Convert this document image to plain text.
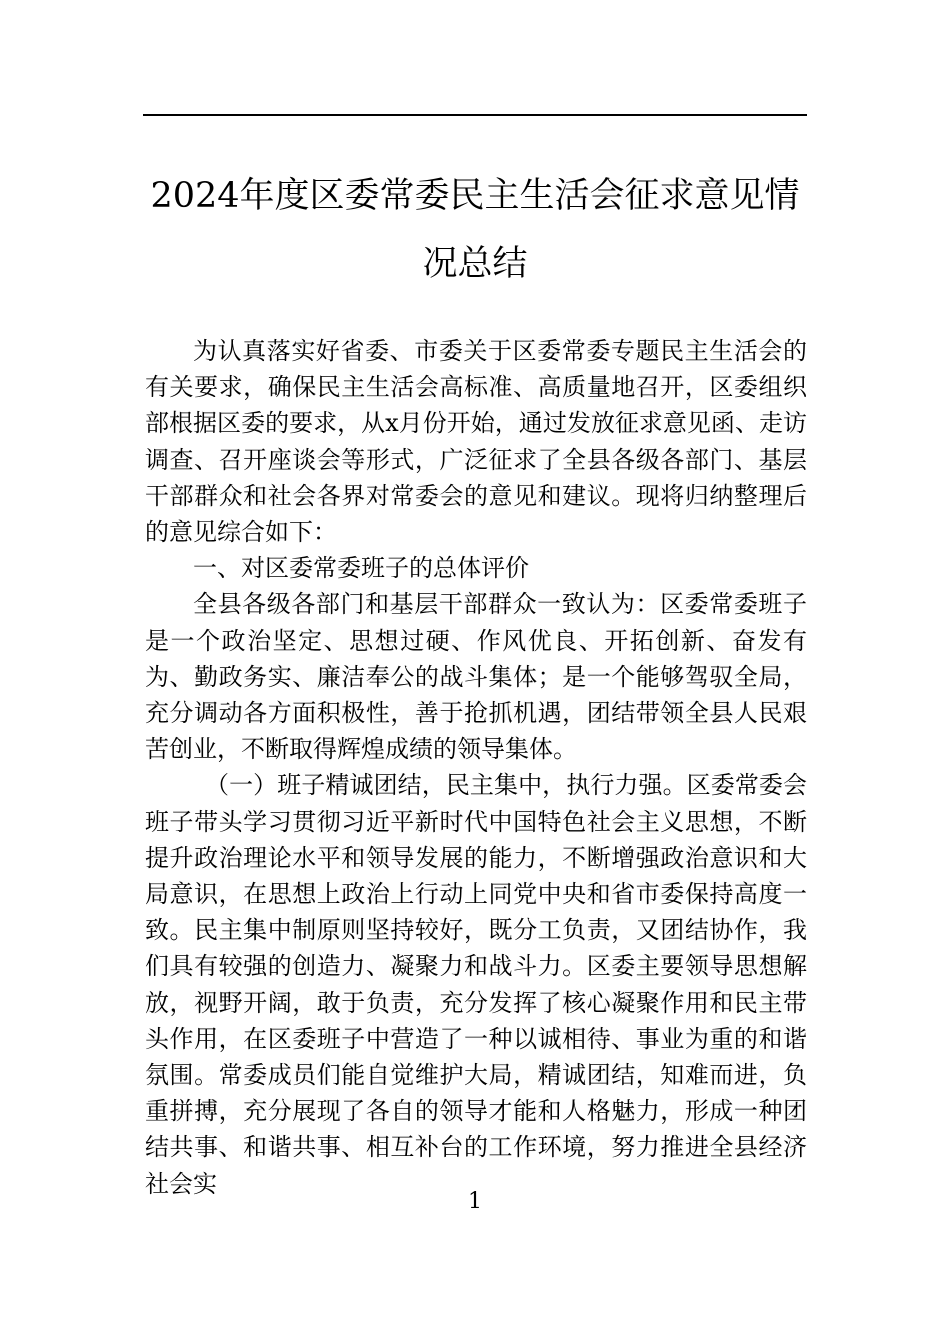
2024年度区委常委民主生活会征求意见情况总结

为认真落实好省委、市委关于区委常委专题民主生活会的有关要求，确保民主生活会高标准、高质量地召开，区委组织部根据区委的要求，从x月份开始，通过发放征求意见函、走访调查、召开座谈会等形式，广泛征求了全县各级各部门、基层干部群众和社会各界对常委会的意见和建议。现将归纳整理后的意见综合如下：

一、对区委常委班子的总体评价

全县各级各部门和基层干部群众一致认为：区委常委班子是一个政治坚定、思想过硬、作风优良、开拓创新、奋发有为、勤政务实、廉洁奉公的战斗集体；是一个能够驾驭全局，充分调动各方面积极性，善于抢抓机遇，团结带领全县人民艰苦创业，不断取得辉煌成绩的领导集体。

（一）班子精诚团结，民主集中，执行力强。区委常委会班子带头学习贯彻习近平新时代中国特色社会主义思想，不断提升政治理论水平和领导发展的能力，不断增强政治意识和大局意识，在思想上政治上行动上同党中央和省市委保持高度一致。民主集中制原则坚持较好，既分工负责，又团结协作，我们具有较强的创造力、凝聚力和战斗力。区委主要领导思想解放，视野开阔，敢于负责，充分发挥了核心凝聚作用和民主带头作用，在区委班子中营造了一种以诚相待、事业为重的和谐氛围。常委成员们能自觉维护大局，精诚团结，知难而进，负重拼搏，充分展现了各自的领导才能和人格魅力，形成一种团结共事、和谐共事、相互补台的工作环境，努力推进全县经济社会实

1
